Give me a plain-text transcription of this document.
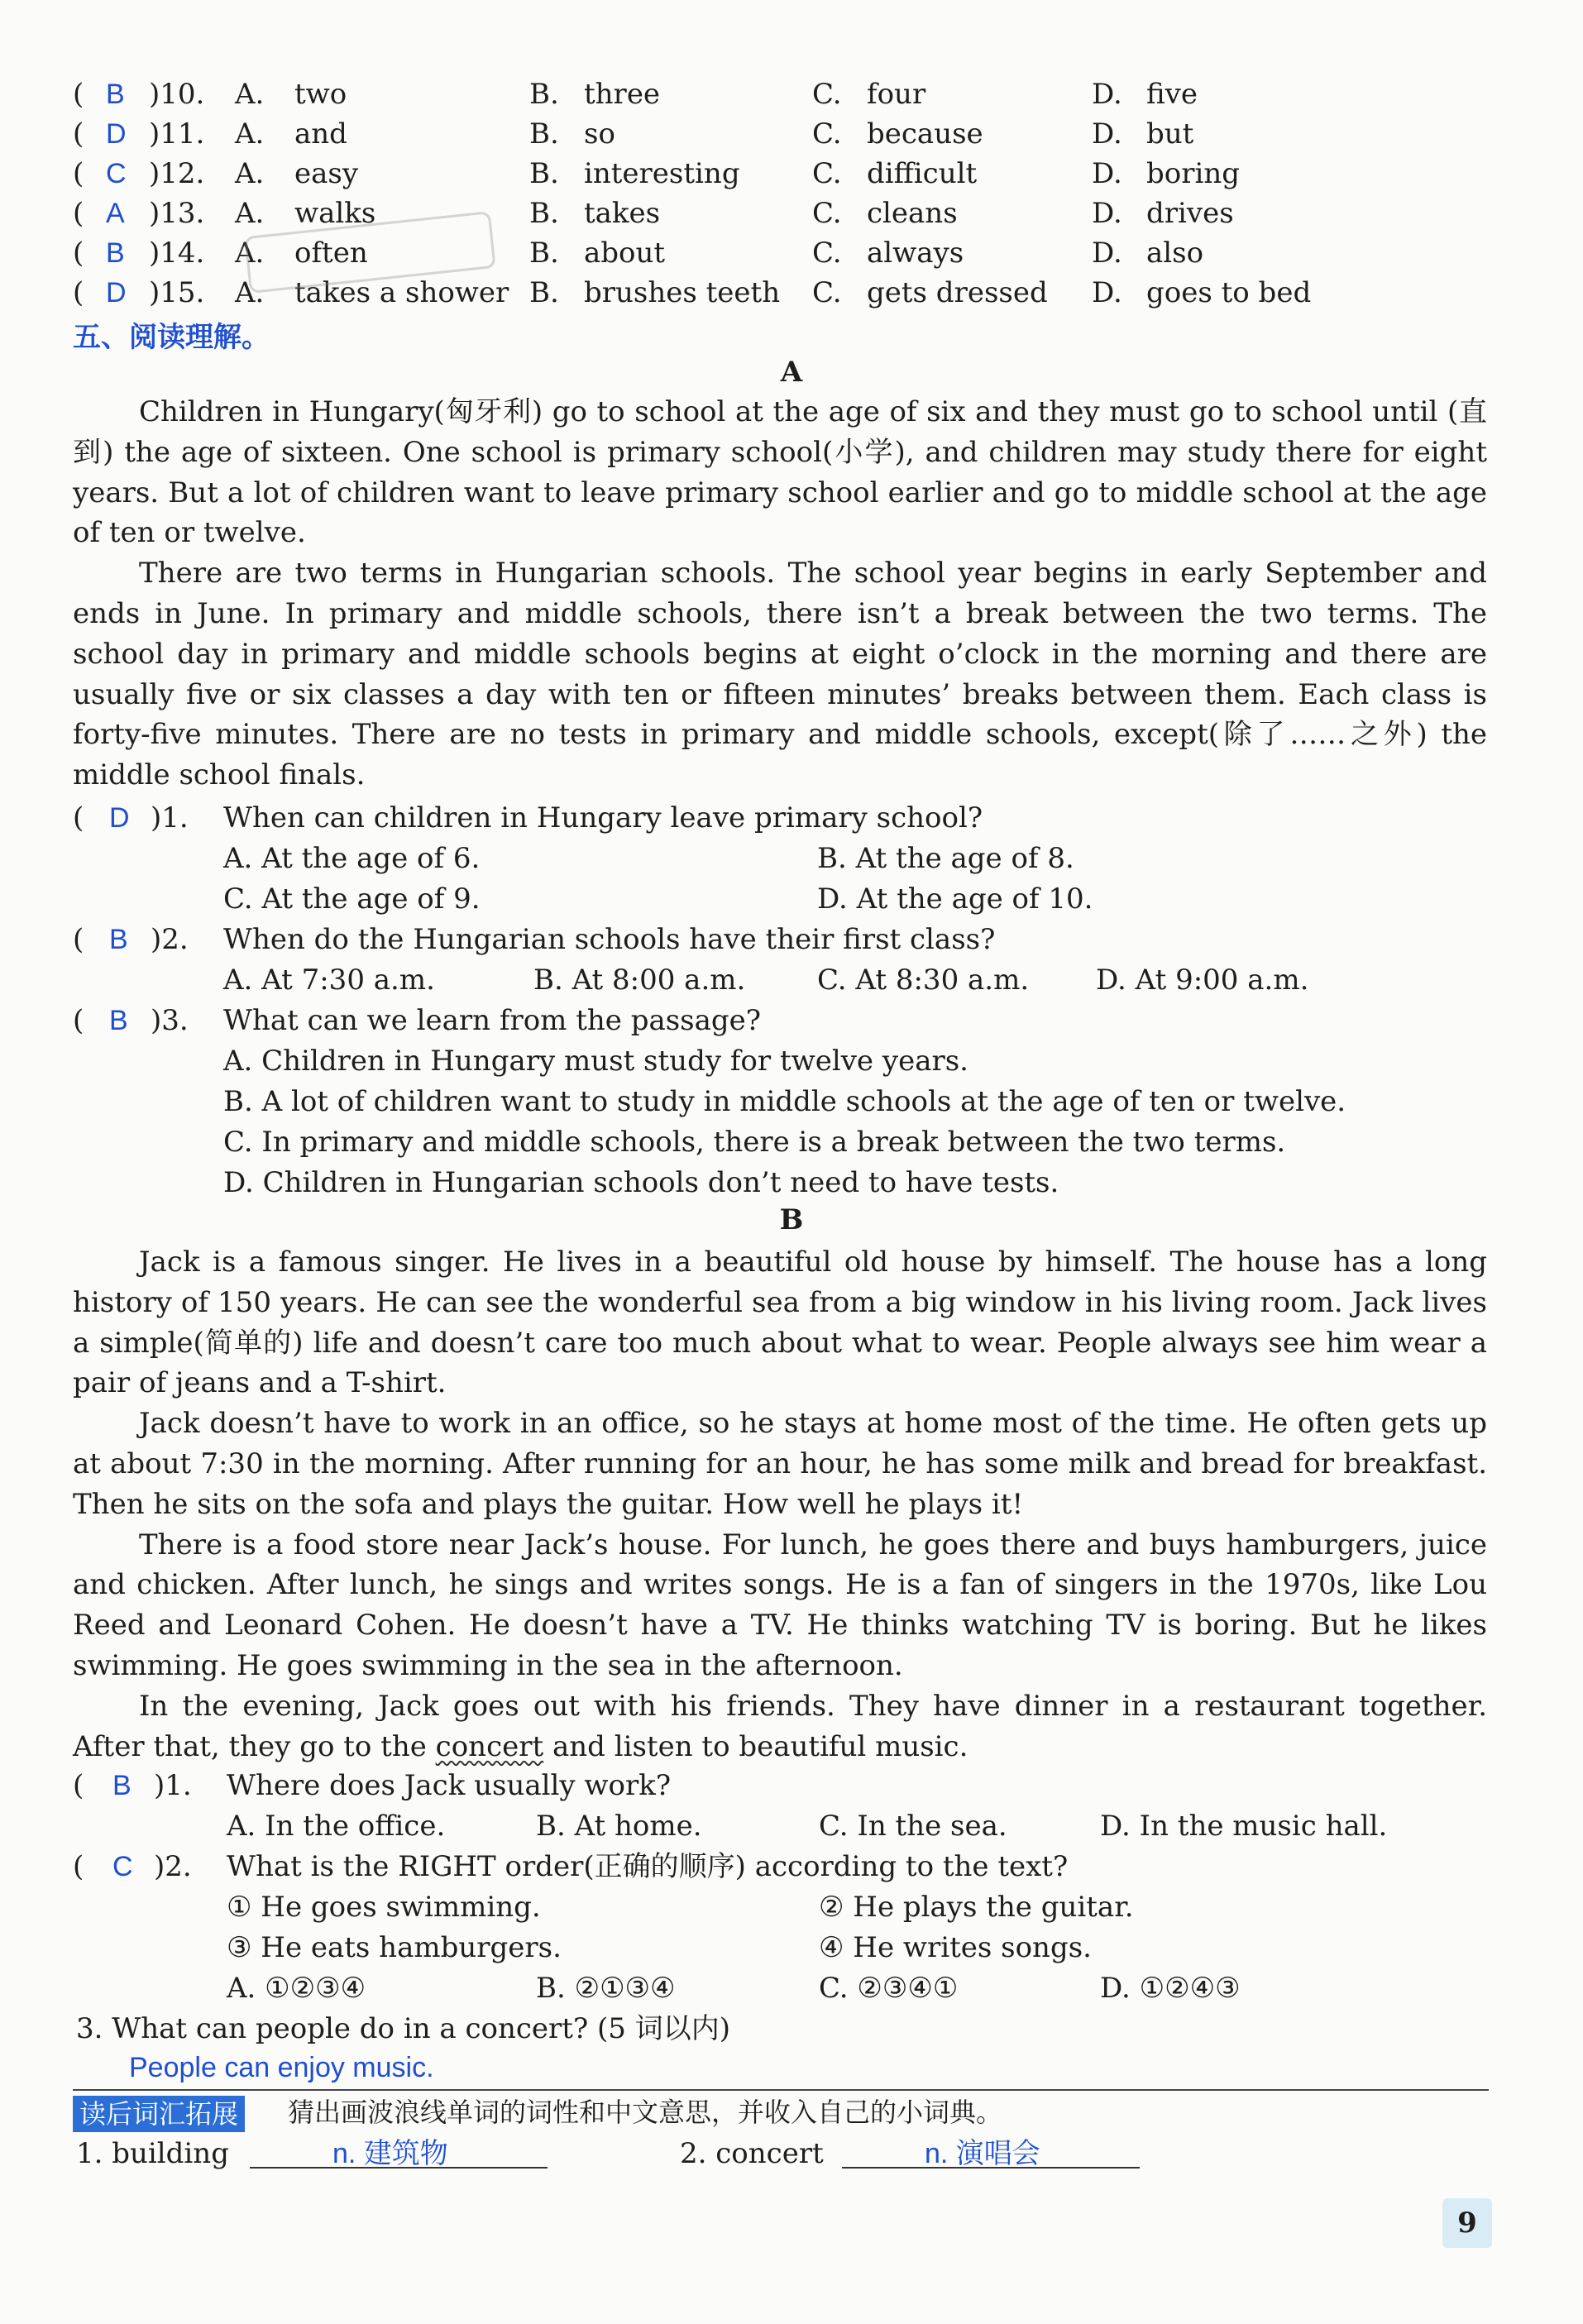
( B )10. A. two	B. three	C. four	D. five
( D )11. A. and	B. so	C. because	D. but
( C )12. A. easy	B. interesting	C. difficult	D. boring
( A )13. A. walks	B. takes	C. cleans	D. drives
( B )14. A. often	B. about	C. always	D. also
( D )15. A. takes a shower B. brushes teeth C. gets dressed D. goes to bed
五、阅读理解。
A

Children in Hungary(匈牙利) go to school at the age of six and they must go to school until (直到) the age of sixteen. One school is primary school(小学), and children may study there for eight years. But a lot of children want to leave primary school earlier and go to middle school at the age of ten or twelve.

There are two terms in Hungarian schools. The school year begins in early September and ends in June. In primary and middle schools, there isn’t a break between the two terms. The school day in primary and middle schools begins at eight o’clock in the morning and there are usually five or six classes a day with ten or fifteen minutes’ breaks between them. Each class is forty-five minutes. There are no tests in primary and middle schools, except(除了……之外) the middle school finals.

( D )1. When can children in Hungary leave primary school?
A. At the age of 6.	B. At the age of 8.
C. At the age of 9.	D. At the age of 10.
( B )2. When do the Hungarian schools have their first class?
A. At 7:30 a.m.	B. At 8:00 a.m.	C. At 8:30 a.m. D. At 9:00 a.m.
( B )3. What can we learn from the passage?
A. Children in Hungary must study for twelve years.
B. A lot of children want to study in middle schools at the age of ten or twelve.
C. In primary and middle schools, there is a break between the two terms.
D. Children in Hungarian schools don’t need to have tests.
B

Jack is a famous singer. He lives in a beautiful old house by himself. The house has a long history of 150 years. He can see the wonderful sea from a big window in his living room. Jack lives a simple(简单的) life and doesn’t care too much about what to wear. People always see him wear a pair of jeans and a T-shirt.

Jack doesn’t have to work in an office, so he stays at home most of the time. He often gets up at about 7:30 in the morning. After running for an hour, he has some milk and bread for breakfast. Then he sits on the sofa and plays the guitar. How well he plays it!

There is a food store near Jack’s house. For lunch, he goes there and buys hamburgers, juice and chicken. After lunch, he sings and writes songs. He is a fan of singers in the 1970s, like Lou Reed and Leonard Cohen. He doesn’t have a TV. He thinks watching TV is boring. But he likes swimming. He goes swimming in the sea in the afternoon.

In the evening, Jack goes out with his friends. They have dinner in a restaurant together. After that, they go to the concert and listen to beautiful music.

( B )1. Where does Jack usually work?
A. In the office.	B. At home.	C. In the sea.	D. In the music hall.
( C )2. What is the RIGHT order(正确的顺序) according to the text?
① He goes swimming.	② He plays the guitar.
③ He eats hamburgers.	④ He writes songs.
A. ①②③④	B. ②①③④	C. ②③④①	D. ①②④③
3. What can people do in a concert? (5 词以内)
People can enjoy music.
读后词汇拓展 猜出画波浪线单词的词性和中文意思，并收入自己的小词典。
1. building	n. 建筑物	2. concert	n. 演唱会
9
